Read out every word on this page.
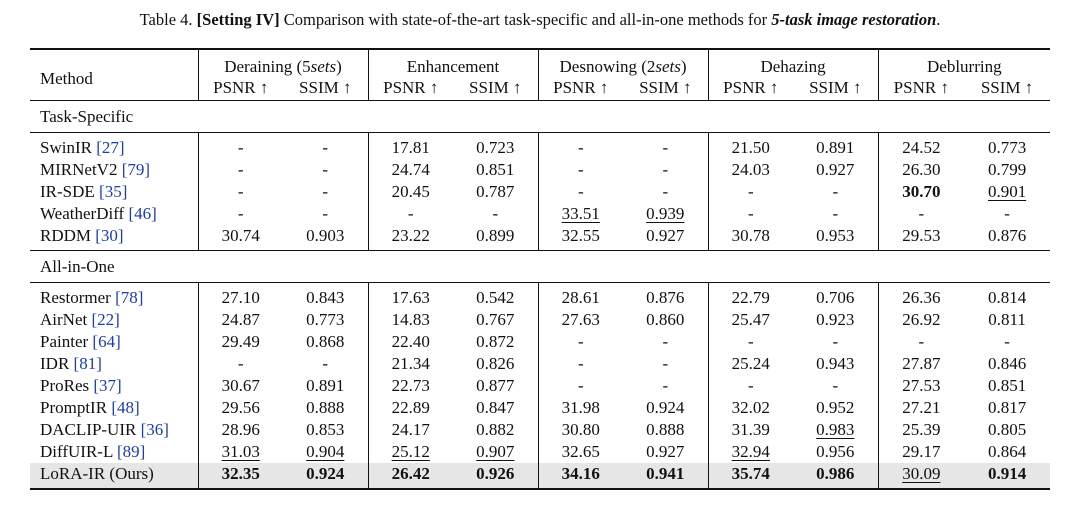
Table 4. [Setting IV] Comparison with state-of-the-art task-specific and all-in-one methods for 5-task image restoration.
Method	Deraining (5sets)		Enhancement		Desnowing (2sets)		Dehazing		Deblurring	
	PSNR ↑	SSIM ↑	PSNR ↑	SSIM ↑	PSNR ↑	SSIM ↑	PSNR ↑	SSIM ↑	PSNR ↑	SSIM ↑
Task-Specific										
SwinIR [27]	-	-	17.81	0.723	-	-	21.50	0.891	24.52	0.773
MIRNetV2 [79]	-	-	24.74	0.851	-	-	24.03	0.927	26.30	0.799
IR-SDE [35]	-	-	20.45	0.787	-	-	-	-	30.70	0.901
WeatherDiff [46]	-	-	-	-	33.51	0.939	-	-	-	-
RDDM [30]	30.74	0.903	23.22	0.899	32.55	0.927	30.78	0.953	29.53	0.876
All-in-One										
Restormer [78]	27.10	0.843	17.63	0.542	28.61	0.876	22.79	0.706	26.36	0.814
AirNet [22]	24.87	0.773	14.83	0.767	27.63	0.860	25.47	0.923	26.92	0.811
Painter [64]	29.49	0.868	22.40	0.872	-	-	-	-	-	-
IDR [81]	-	-	21.34	0.826	-	-	25.24	0.943	27.87	0.846
ProRes [37]	30.67	0.891	22.73	0.877	-	-	-	-	27.53	0.851
PromptIR [48]	29.56	0.888	22.89	0.847	31.98	0.924	32.02	0.952	27.21	0.817
DACLIP-UIR [36]	28.96	0.853	24.17	0.882	30.80	0.888	31.39	0.983	25.39	0.805
DiffUIR-L [89]	31.03	0.904	25.12	0.907	32.65	0.927	32.94	0.956	29.17	0.864
LoRA-IR (Ours)	32.35	0.924	26.42	0.926	34.16	0.941	35.74	0.986	30.09	0.914
